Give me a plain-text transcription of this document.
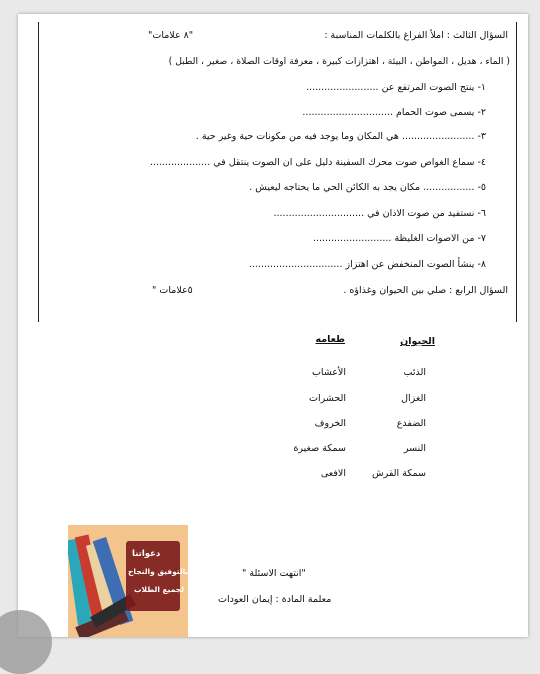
السؤال الثالث : املأ الفراغ بالكلمات المناسبة :
"٨ علامات"
( الماء ، هديل ، المواطن ، البيئة ، اهتزازات كبيرة ، معرفة اوقات الصلاة ، صغير ، الطبل )
١- ينتج الصوت المرتفع عن ........................
٢- يسمى صوت الحمام ..............................
٣- ........................ هي المكان وما يوجد فيه من مكونات حية وغير حية .
٤- سماع الغواص صوت محرك السفينة دليل على ان الصوت ينتقل في ....................
٥- ................. مكان يجد به الكائن الحي ما يحتاجه ليعيش .
٦- نستفيد من صوت الاذان في ..............................
٧- من الاصوات الغليظة ..........................
٨- ينشأ الصوت المنخفض عن اهتزاز ...............................
السؤال الرابع : صلي بين الحيوان وغذاؤه .
٥علامات "
الحيوان
طعامه
الذئب
الغزال
الضفدع
النسر
سمكة القرش
الأعشاب
الحشرات
الخروف
سمكة صغيرة
الافعى
دعواتنا
بالتوفيق والنجاح
لجميع الطلاب
"انتهت الاسئلة "
معلمة المادة : إيمان العودات
